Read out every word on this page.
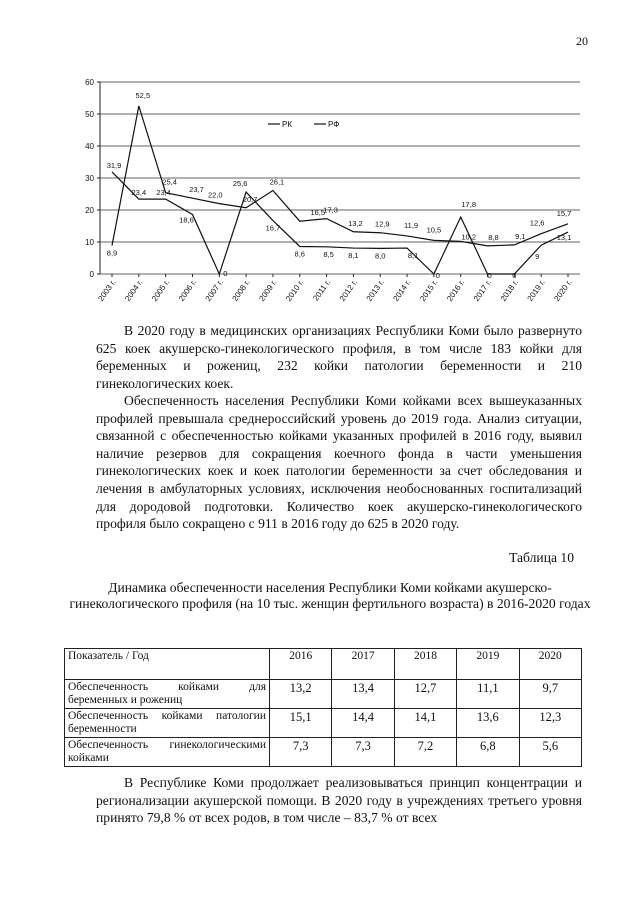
20
0
10
20
30
40
50
60
2003 г. 2004 г. 2005 г. 2006 г. 2007 г. 2008 г. 2009 г. 2010 г. 2011 г. 2012 г. 2013 г. 2014 г. 2015 г. 2016 г. 2017 г. 2018 г. 2019 г. 2020 г.
8,9
52,5
31,9
23,4
25,4
23,4
18,6
23,7
22,0
0
25,6
20,7
26,1
16,7
16,5
8,6
17,3
8,5
13,2
8,1
12,9
8,0
11,9
8,1
10,5
0
17,8
10,2
0
8,8
0
9,1
12,6
9
15,7
13,1
РК	РФ

В 2020 году в медицинских организациях Республики Коми было развернуто 625 коек акушерско-гинекологического профиля, в том числе 183 койки для беременных и рожениц, 232 койки патологии беременности и 210 гинекологических коек.

Обеспеченность населения Республики Коми койками всех вышеуказанных профилей превышала среднероссийский уровень до 2019 года. Анализ ситуации, связанной с обеспеченностью койками указанных профилей в 2016 году, выявил наличие резервов для сокращения коечного фонда в части уменьшения гинекологических коек и коек патологии беременности за счет обследования и лечения в амбулаторных условиях, исключения необоснованных госпитализаций для дородовой подготовки. Количество коек акушерско-гинекологического профиля было сокращено с 911 в 2016 году до 625 в 2020 году.

Таблица 10

Динамика обеспеченности населения Республики Коми койками акушерско-гинекологического профиля (на 10 тыс. женщин фертильного возраста) в 2016-2020 годах

Показатель / Год	2016	2017	2018	2019	2020
Обеспеченность койками для беременных и рожениц	13,2	13,4	12,7	11,1	9,7
Обеспеченность койками патологии беременности	15,1	14,4	14,1	13,6	12,3
Обеспеченность гинекологическими койками	7,3	7,3	7,2	6,8	5,6

В Республике Коми продолжает реализовываться принцип концентрации и регионализации акушерской помощи. В 2020 году в учреждениях третьего уровня принято 79,8 % от всех родов, в том числе – 83,7 % от всех
